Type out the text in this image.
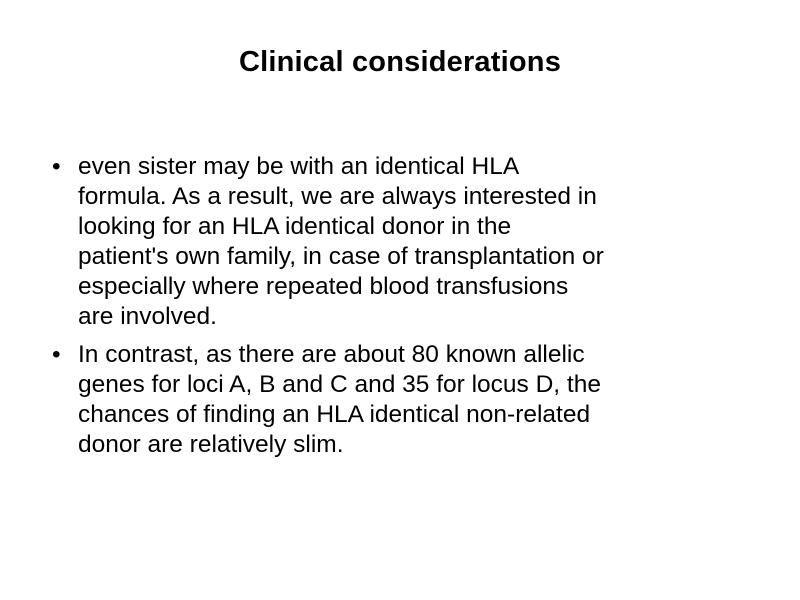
Clinical considerations
• even sister may be with an identical HLA
formula. As a result, we are always interested in
looking for an HLA identical donor in the
patient's own family, in case of transplantation or
especially where repeated blood transfusions
are involved.
• In contrast, as there are about 80 known allelic
genes for loci A, B and C and 35 for locus D, the
chances of finding an HLA identical non-related
donor are relatively slim.
